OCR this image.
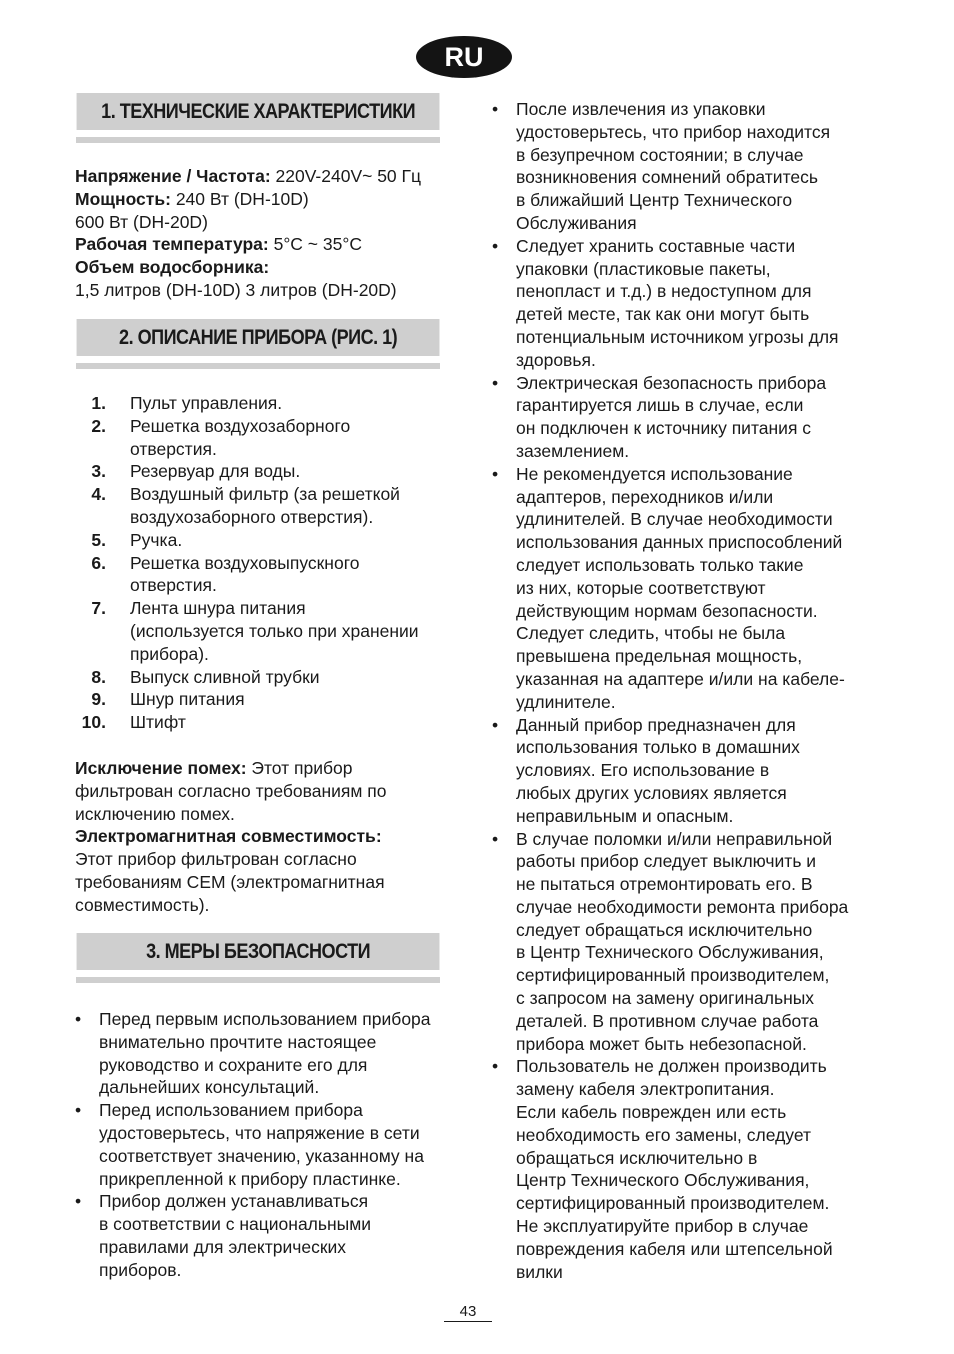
RU
1. ТЕХНИЧЕСКИЕ ХАРАКТЕРИСТИКИ
Напряжение / Частота: 220V-240V~ 50 Гц
Мощность: 240 Вт (DH-10D)
600 Вт (DH-20D)
Рабочая температура: 5°C ~ 35°C
Объем водосборника:
1,5 литров (DH-10D) 3 литров (DH-20D)
2. ОПИСАНИЕ ПРИБОРА (РИС. 1)
1. Пульт управления.
2. Решетка воздухозаборного
отверстия.
3. Резервуар для воды.
4. Воздушный фильтр (за решеткой
воздухозаборного отверстия).
5. Ручка.
6. Решетка воздуховыпускного
отверстия.
7. Лента шнура питания
(используется только при хранении
прибора).
8. Выпуск сливной трубки
9. Шнур питания
10. Штифт
Исключение помех: Этот прибор
фильтрован согласно требованиям по
исключению помех.
Электромагнитная совместимость:
Этот прибор фильтрован согласно
требованиям CEM (электромагнитная
совместимость).
3. МЕРЫ БЕЗОПАСНОСТИ
•	Перед первым использованием прибора
внимательно прочтите настоящее
руководство и сохраните его для
дальнейших консультаций.
•	Перед использованием прибора
удостоверьтесь, что напряжение в сети
соответствует значению, указанному на
прикрепленной к прибору пластинке.
•	Прибор должен устанавливаться
в соответствии с национальными
правилами для электрических
приборов.
•	После извлечения из упаковки
удостоверьтесь, что прибор находится
в безупречном состоянии; в случае
возникновения сомнений обратитесь
в ближайший Центр Технического
Обслуживания
•	Следует хранить составные части
упаковки (пластиковые пакеты,
пенопласт и т.д.) в недоступном для
детей месте, так как они могут быть
потенциальным источником угрозы для
здоровья.
•	Электрическая безопасность прибора
гарантируется лишь в случае, если
он подключен к источнику питания с
заземлением.
•	Не рекомендуется использование
адаптеров, переходников и/или
удлинителей. В случае необходимости
использования данных приспособлений
следует использовать только такие
из них, которые соответствуют
действующим нормам безопасности.
Следует следить, чтобы не была
превышена предельная мощность,
указанная на адаптере и/или на кабеле-
удлинителе.
•	Данный прибор предназначен для
использования только в домашних
условиях. Его использование в
любых других условиях является
неправильным и опасным.
•	В случае поломки и/или неправильной
работы прибор следует выключить и
не пытаться отремонтировать его. В
случае необходимости ремонта прибора
следует обращаться исключительно
в Центр Технического Обслуживания,
сертифицированный производителем,
с запросом на замену оригинальных
деталей. В противном случае работа
прибора может быть небезопасной.
•	Пользователь не должен производить
замену кабеля электропитания.
Если кабель поврежден или есть
необходимость его замены, следует
обращаться исключительно в
Центр Технического Обслуживания,
сертифицированный производителем.
Не эксплуатируйте прибор в случае
повреждения кабеля или штепсельной
вилки
43
